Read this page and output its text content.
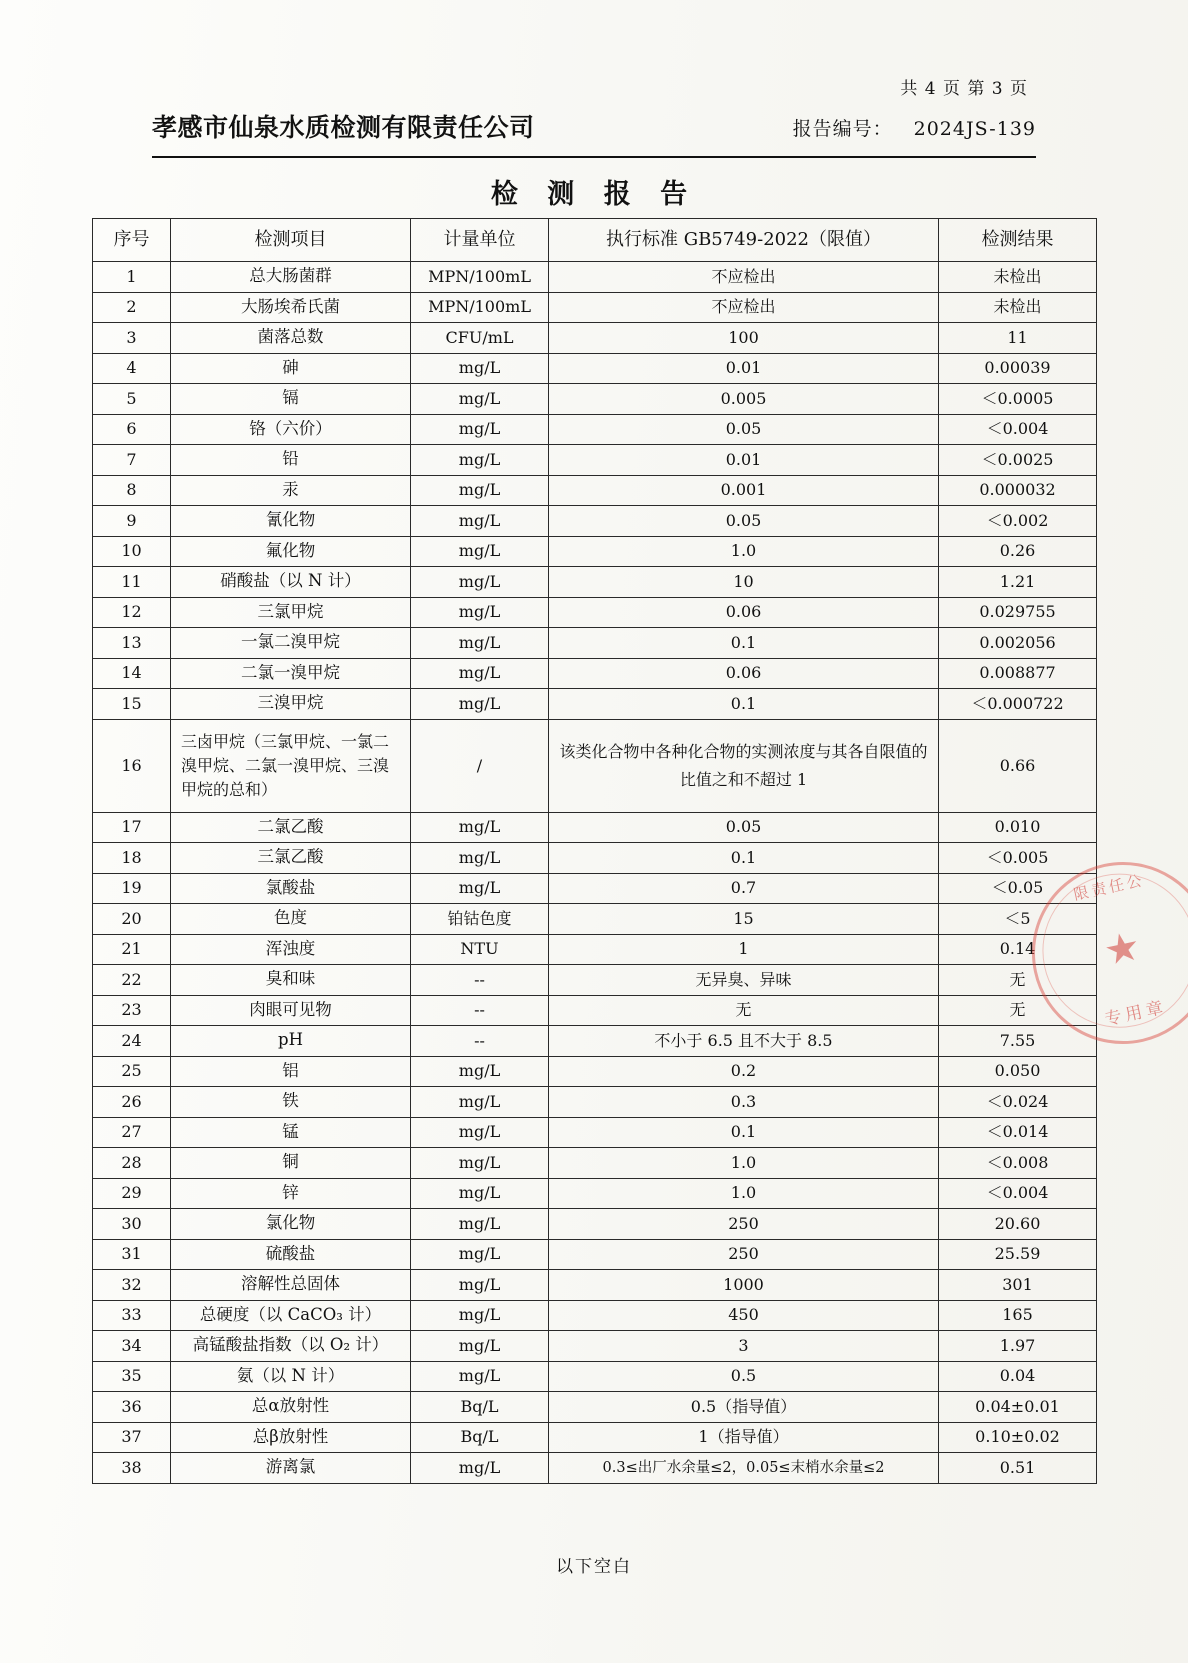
共 4 页 第 3 页
孝感市仙泉水质检测有限责任公司	报告编号： 2024JS-139
检 测 报 告
序号	检测项目	计量单位	执行标准 GB5749-2022（限值）	检测结果
1	总大肠菌群	MPN/100mL	不应检出	未检出
2	大肠埃希氏菌	MPN/100mL	不应检出	未检出
3	菌落总数	CFU/mL	100	11
4	砷	mg/L	0.01	0.00039
5	镉	mg/L	0.005	＜0.0005
6	铬（六价）	mg/L	0.05	＜0.004
7	铅	mg/L	0.01	＜0.0025
8	汞	mg/L	0.001	0.000032
9	氰化物	mg/L	0.05	＜0.002
10	氟化物	mg/L	1.0	0.26
11	硝酸盐（以 N 计）	mg/L	10	1.21
12	三氯甲烷	mg/L	0.06	0.029755
13	一氯二溴甲烷	mg/L	0.1	0.002056
14	二氯一溴甲烷	mg/L	0.06	0.008877
15	三溴甲烷	mg/L	0.1	＜0.000722
16	三卤甲烷（三氯甲烷、一氯二溴甲烷、二氯一溴甲烷、三溴甲烷的总和）	/	该类化合物中各种化合物的实测浓度与其各自限值的比值之和不超过 1	0.66
17	二氯乙酸	mg/L	0.05	0.010
18	三氯乙酸	mg/L	0.1	＜0.005
19	氯酸盐	mg/L	0.7	＜0.05
20	色度	铂钴色度	15	＜5
21	浑浊度	NTU	1	0.14
22	臭和味	--	无异臭、异味	无
23	肉眼可见物	--	无	无
24	pH	--	不小于 6.5 且不大于 8.5	7.55
25	铝	mg/L	0.2	0.050
26	铁	mg/L	0.3	＜0.024
27	锰	mg/L	0.1	＜0.014
28	铜	mg/L	1.0	＜0.008
29	锌	mg/L	1.0	＜0.004
30	氯化物	mg/L	250	20.60
31	硫酸盐	mg/L	250	25.59
32	溶解性总固体	mg/L	1000	301
33	总硬度（以 CaCO₃ 计）	mg/L	450	165
34	高锰酸盐指数（以 O₂ 计）	mg/L	3	1.97
35	氨（以 N 计）	mg/L	0.5	0.04
36	总α放射性	Bq/L	0.5（指导值）	0.04±0.01
37	总β放射性	Bq/L	1（指导值）	0.10±0.02
38	游离氯	mg/L	0.3≤出厂水余量≤2，0.05≤末梢水余量≤2	0.51
以下空白
限责任公
★
专用章
